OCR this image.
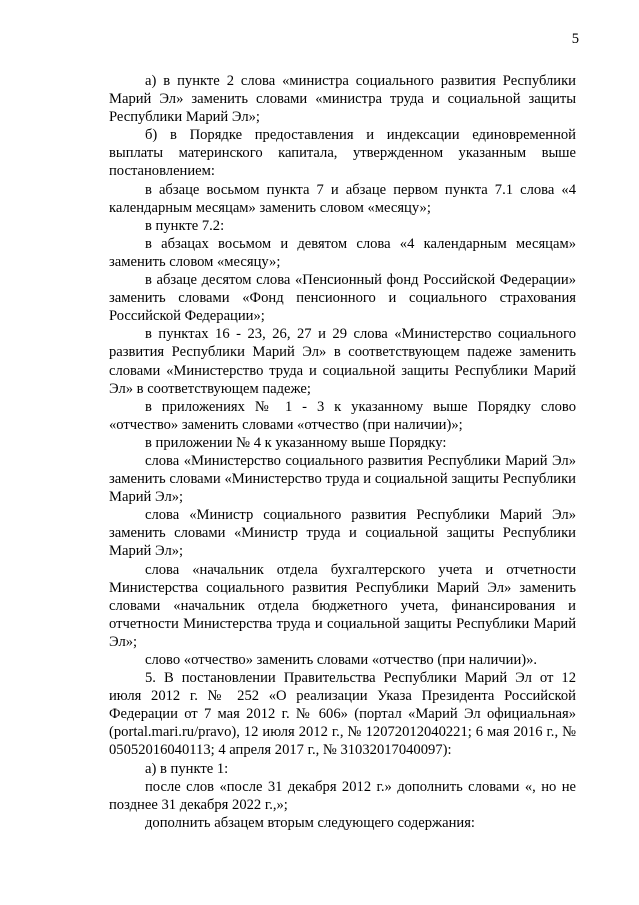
5

а) в пункте 2 слова «министра социального развития Республики Марий Эл» заменить словами «министра труда и социальной защиты Республики Марий Эл»;

б) в Порядке предоставления и индексации единовременной выплаты материнского капитала, утвержденном указанным выше постановлением:

в абзаце восьмом пункта 7 и абзаце первом пункта 7.1 слова «4 календарным месяцам» заменить словом «месяцу»;

в пункте 7.2:

в абзацах восьмом и девятом слова «4 календарным месяцам» заменить словом «месяцу»;

в абзаце десятом слова «Пенсионный фонд Российской Федерации» заменить словами «Фонд пенсионного и социального страхования Российской Федерации»;

в пунктах 16 - 23, 26, 27 и 29 слова «Министерство социального развития Республики Марий Эл» в соответствующем падеже заменить словами «Министерство труда и социальной защиты Республики Марий Эл» в соответствующем падеже;

в приложениях № 1 - 3 к указанному выше Порядку слово «отчество» заменить словами «отчество (при наличии)»;

в приложении № 4 к указанному выше Порядку:

слова «Министерство социального развития Республики Марий Эл» заменить словами «Министерство труда и социальной защиты Республики Марий Эл»;

слова «Министр социального развития Республики Марий Эл» заменить словами «Министр труда и социальной защиты Республики Марий Эл»;

слова «начальник отдела бухгалтерского учета и отчетности Министерства социального развития Республики Марий Эл» заменить словами «начальник отдела бюджетного учета, финансирования и отчетности Министерства труда и социальной защиты Республики Марий Эл»;

слово «отчество» заменить словами «отчество (при наличии)».

5. В постановлении Правительства Республики Марий Эл от 12 июля 2012 г. № 252 «О реализации Указа Президента Российской Федерации от 7 мая 2012 г. № 606» (портал «Марий Эл официальная» (portal.mari.ru/pravo), 12 июля 2012 г., № 12072012040221; 6 мая 2016 г., № 05052016040113; 4 апреля 2017 г., № 31032017040097):

а) в пункте 1:

после слов «после 31 декабря 2012 г.» дополнить словами «, но не позднее 31 декабря 2022 г.,»;

дополнить абзацем вторым следующего содержания:
